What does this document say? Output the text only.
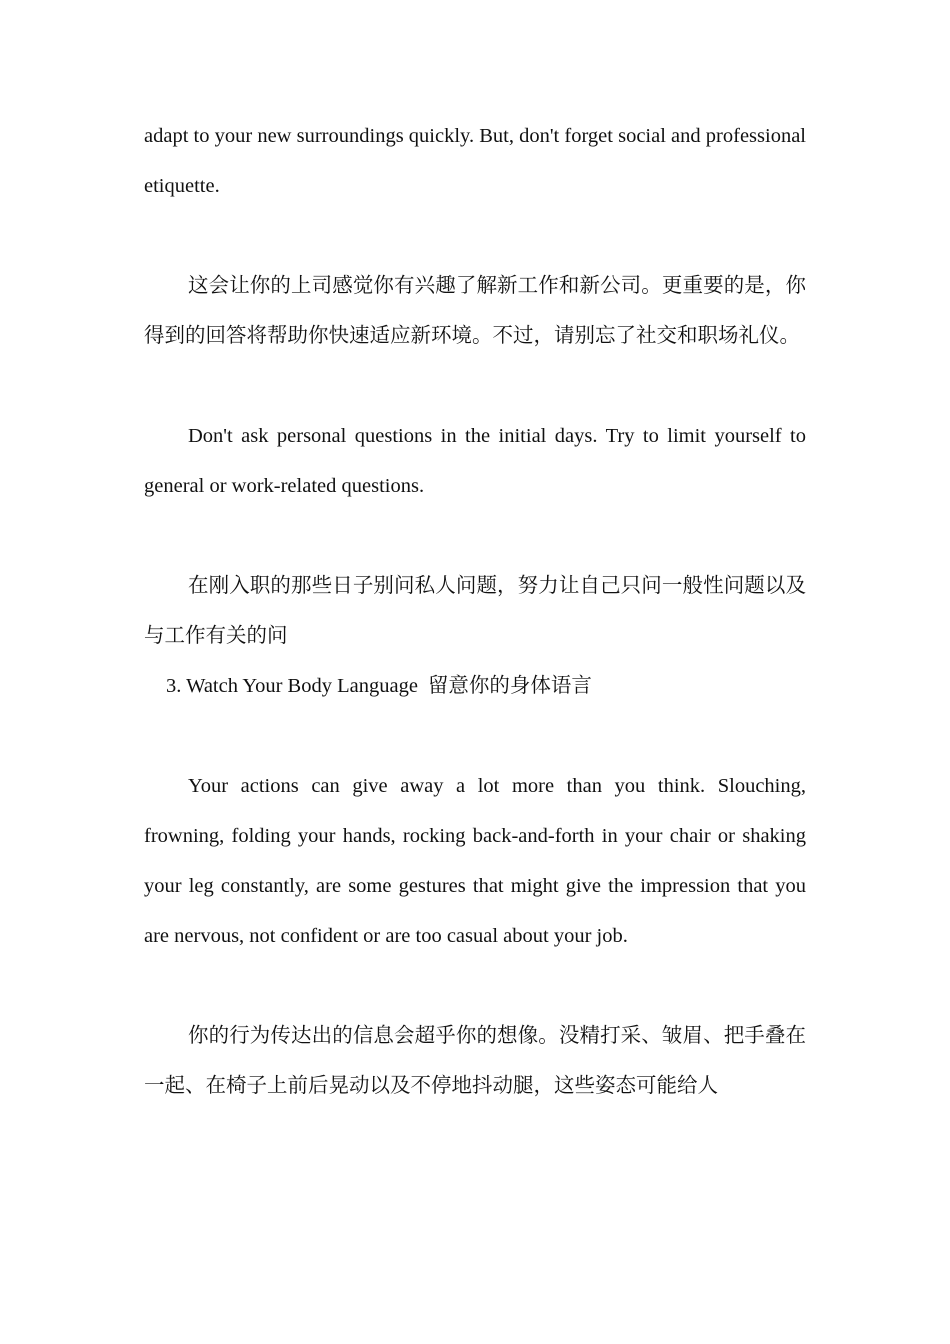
adapt to your new surroundings quickly. But, don't forget social and professional etiquette.

这会让你的上司感觉你有兴趣了解新工作和新公司。更重要的是，你得到的回答将帮助你快速适应新环境。不过，请别忘了社交和职场礼仪。

Don't ask personal questions in the initial days. Try to limit yourself to general or work-related questions.

在刚入职的那些日子别问私人问题，努力让自己只问一般性问题以及与工作有关的问

3. Watch Your Body Language 留意你的身体语言

Your actions can give away a lot more than you think. Slouching, frowning, folding your hands, rocking back-and-forth in your chair or shaking your leg constantly, are some gestures that might give the impression that you are nervous, not confident or are too casual about your job.

你的行为传达出的信息会超乎你的想像。没精打采、皱眉、把手叠在一起、在椅子上前后晃动以及不停地抖动腿，这些姿态可能给人
